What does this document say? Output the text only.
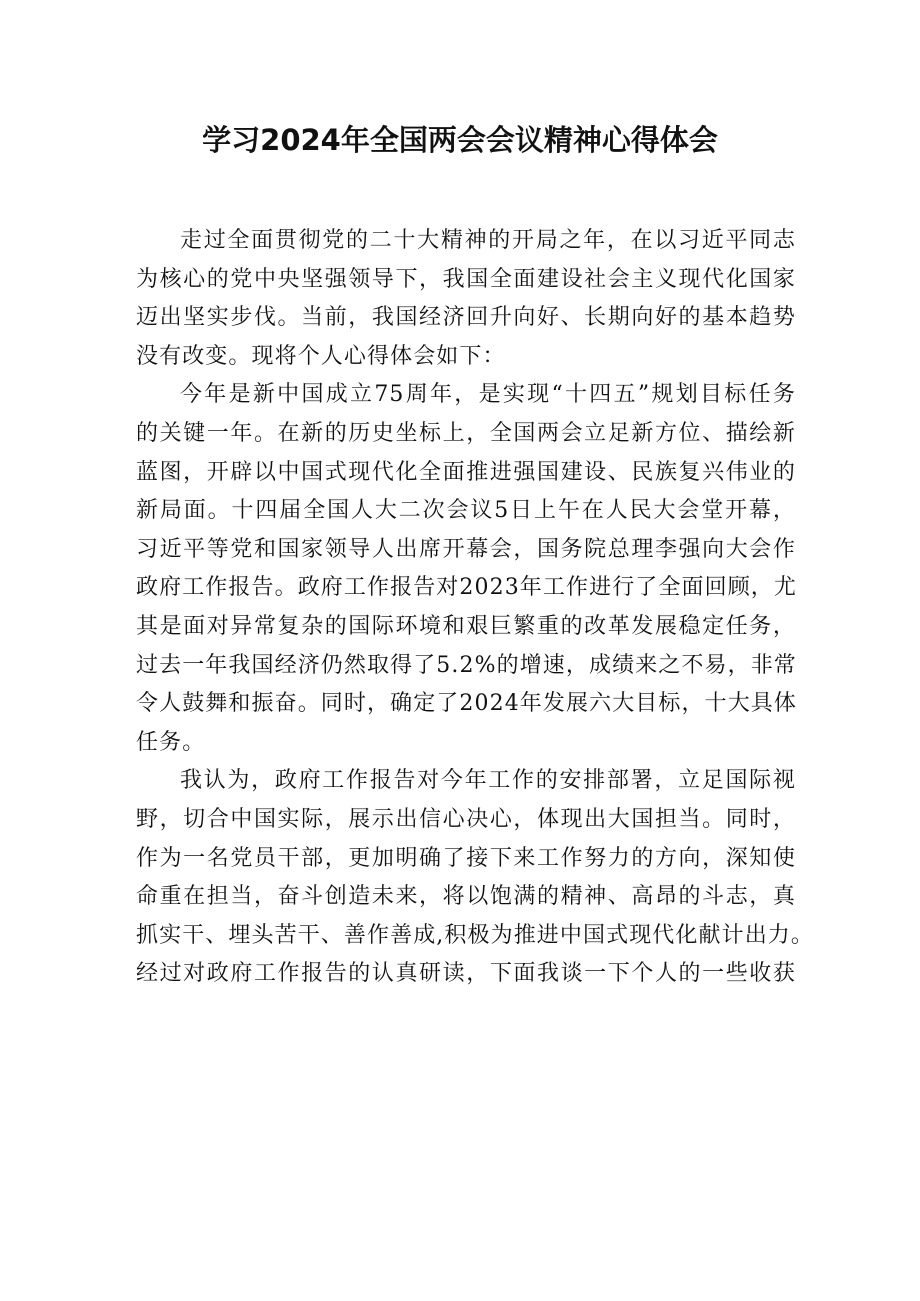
学习2024年全国两会会议精神心得体会
走过全面贯彻党的二十大精神的开局之年，在以习近平同志
为核心的党中央坚强领导下，我国全面建设社会主义现代化国家
迈出坚实步伐。当前，我国经济回升向好、长期向好的基本趋势
没有改变。现将个人心得体会如下：
今年是新中国成立75周年，是实现“十四五”规划目标任务
的关键一年。在新的历史坐标上，全国两会立足新方位、描绘新
蓝图，开辟以中国式现代化全面推进强国建设、民族复兴伟业的
新局面。十四届全国人大二次会议5日上午在人民大会堂开幕，
习近平等党和国家领导人出席开幕会，国务院总理李强向大会作
政府工作报告。政府工作报告对2023年工作进行了全面回顾，尤
其是面对异常复杂的国际环境和艰巨繁重的改革发展稳定任务，
过去一年我国经济仍然取得了5.2%的增速，成绩来之不易，非常
令人鼓舞和振奋。同时，确定了2024年发展六大目标，十大具体
任务。
我认为，政府工作报告对今年工作的安排部署，立足国际视
野，切合中国实际，展示出信心决心，体现出大国担当。同时，
作为一名党员干部，更加明确了接下来工作努力的方向，深知使
命重在担当，奋斗创造未来，将以饱满的精神、高昂的斗志，真
抓实干、埋头苦干、善作善成,积极为推进中国式现代化献计出力。
经过对政府工作报告的认真研读，下面我谈一下个人的一些收获
